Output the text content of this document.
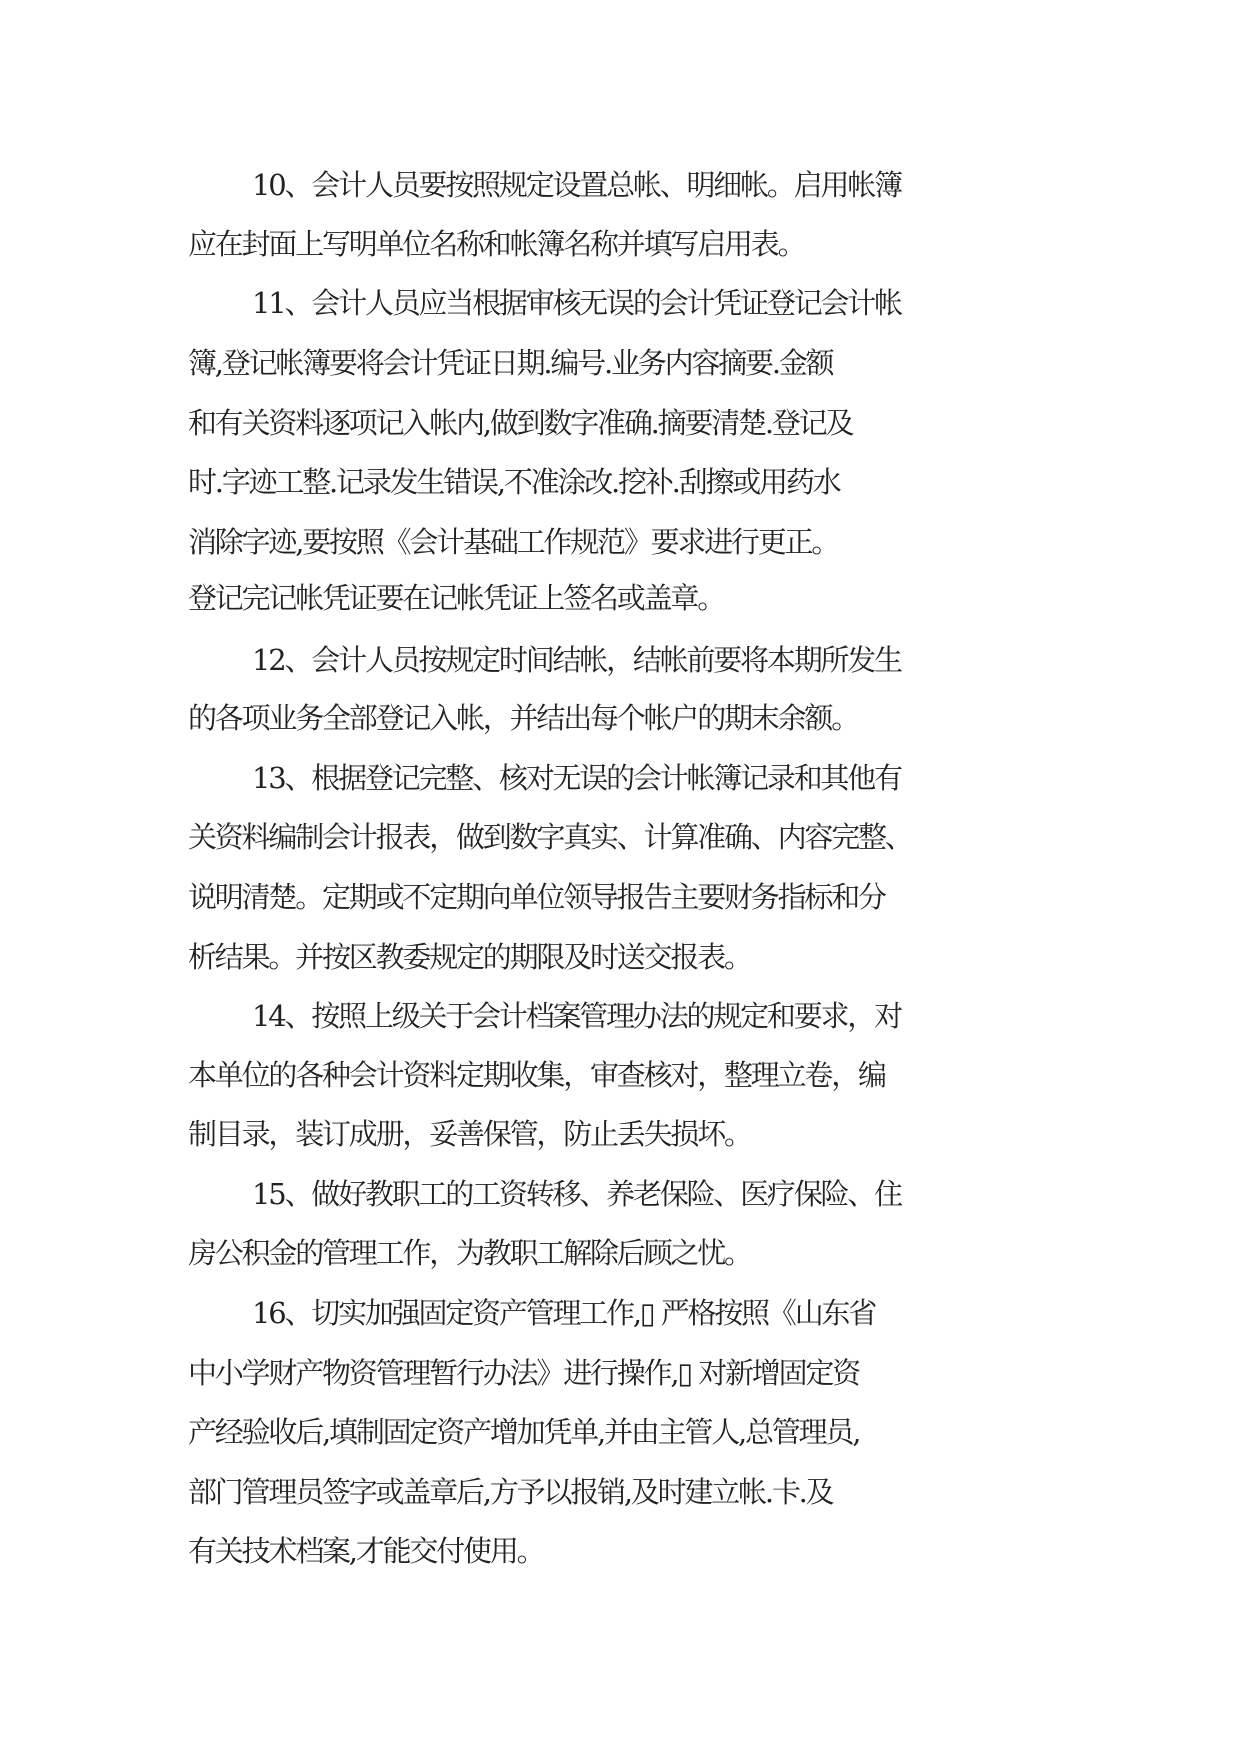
10、会计人员要按照规定设置总帐、明细帐。启用帐簿
应在封面上写明单位名称和帐簿名称并填写启用表。
11、会计人员应当根据审核无误的会计凭证登记会计帐
簿,登记帐簿要将会计凭证日期.编号.业务内容摘要.金额
和有关资料逐项记入帐内,做到数字准确.摘要清楚.登记及
时.字迹工整.记录发生错误,不准涂改.挖补.刮擦或用药水
消除字迹,要按照《会计基础工作规范》要求进行更正。
登记完记帐凭证要在记帐凭证上签名或盖章。
12、会计人员按规定时间结帐，结帐前要将本期所发生
的各项业务全部登记入帐，并结出每个帐户的期末余额。
13、根据登记完整、核对无误的会计帐簿记录和其他有
关资料编制会计报表，做到数字真实、计算准确、内容完整、
说明清楚。定期或不定期向单位领导报告主要财务指标和分
析结果。并按区教委规定的期限及时送交报表。
14、按照上级关于会计档案管理办法的规定和要求，对
本单位的各种会计资料定期收集，审查核对，整理立卷，编
制目录，装订成册，妥善保管，防止丢失损坏。
15、做好教职工的工资转移、养老保险、医疗保险、住
房公积金的管理工作，为教职工解除后顾之忧。
16、切实加强固定资产管理工作,▯ 严格按照《山东省
中小学财产物资管理暂行办法》进行操作,▯ 对新增固定资
产经验收后,填制固定资产增加凭单,并由主管人,总管理员,
部门管理员签字或盖章后,方予以报销,及时建立帐.卡.及
有关技术档案,才能交付使用。
